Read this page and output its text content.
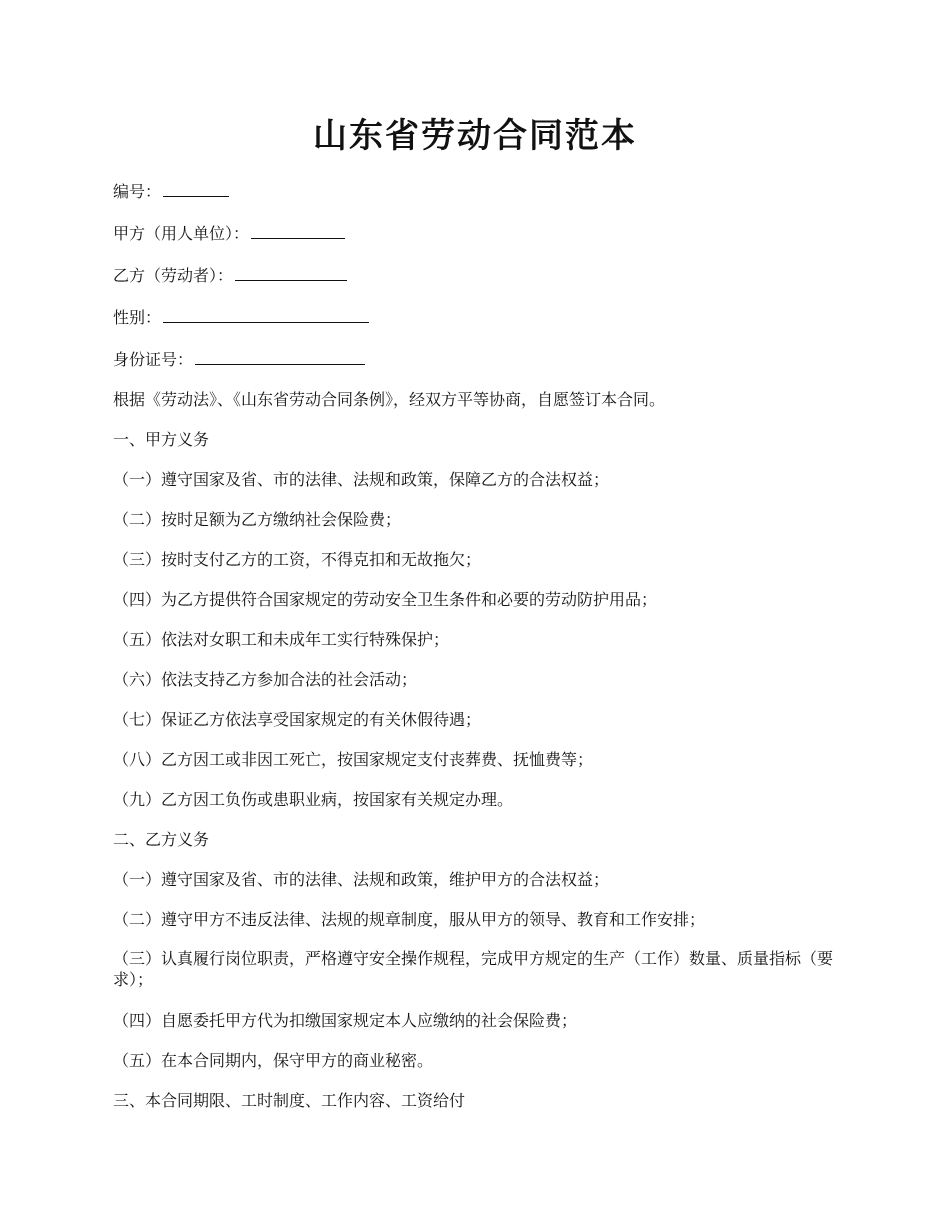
山东省劳动合同范本
编号：
甲方（用人单位）：
乙方（劳动者）：
性别：
身份证号：
根据《劳动法》、《山东省劳动合同条例》，经双方平等协商，自愿签订本合同。
一、甲方义务
（一）遵守国家及省、市的法律、法规和政策，保障乙方的合法权益；
（二）按时足额为乙方缴纳社会保险费；
（三）按时支付乙方的工资，不得克扣和无故拖欠；
（四）为乙方提供符合国家规定的劳动安全卫生条件和必要的劳动防护用品；
（五）依法对女职工和未成年工实行特殊保护；
（六）依法支持乙方参加合法的社会活动；
（七）保证乙方依法享受国家规定的有关休假待遇；
（八）乙方因工或非因工死亡，按国家规定支付丧葬费、抚恤费等；
（九）乙方因工负伤或患职业病，按国家有关规定办理。
二、乙方义务
（一）遵守国家及省、市的法律、法规和政策，维护甲方的合法权益；
（二）遵守甲方不违反法律、法规的规章制度，服从甲方的领导、教育和工作安排；
（三）认真履行岗位职责，严格遵守安全操作规程，完成甲方规定的生产（工作）数量、质量指标（要求）；
（四）自愿委托甲方代为扣缴国家规定本人应缴纳的社会保险费；
（五）在本合同期内，保守甲方的商业秘密。
三、本合同期限、工时制度、工作内容、工资给付
